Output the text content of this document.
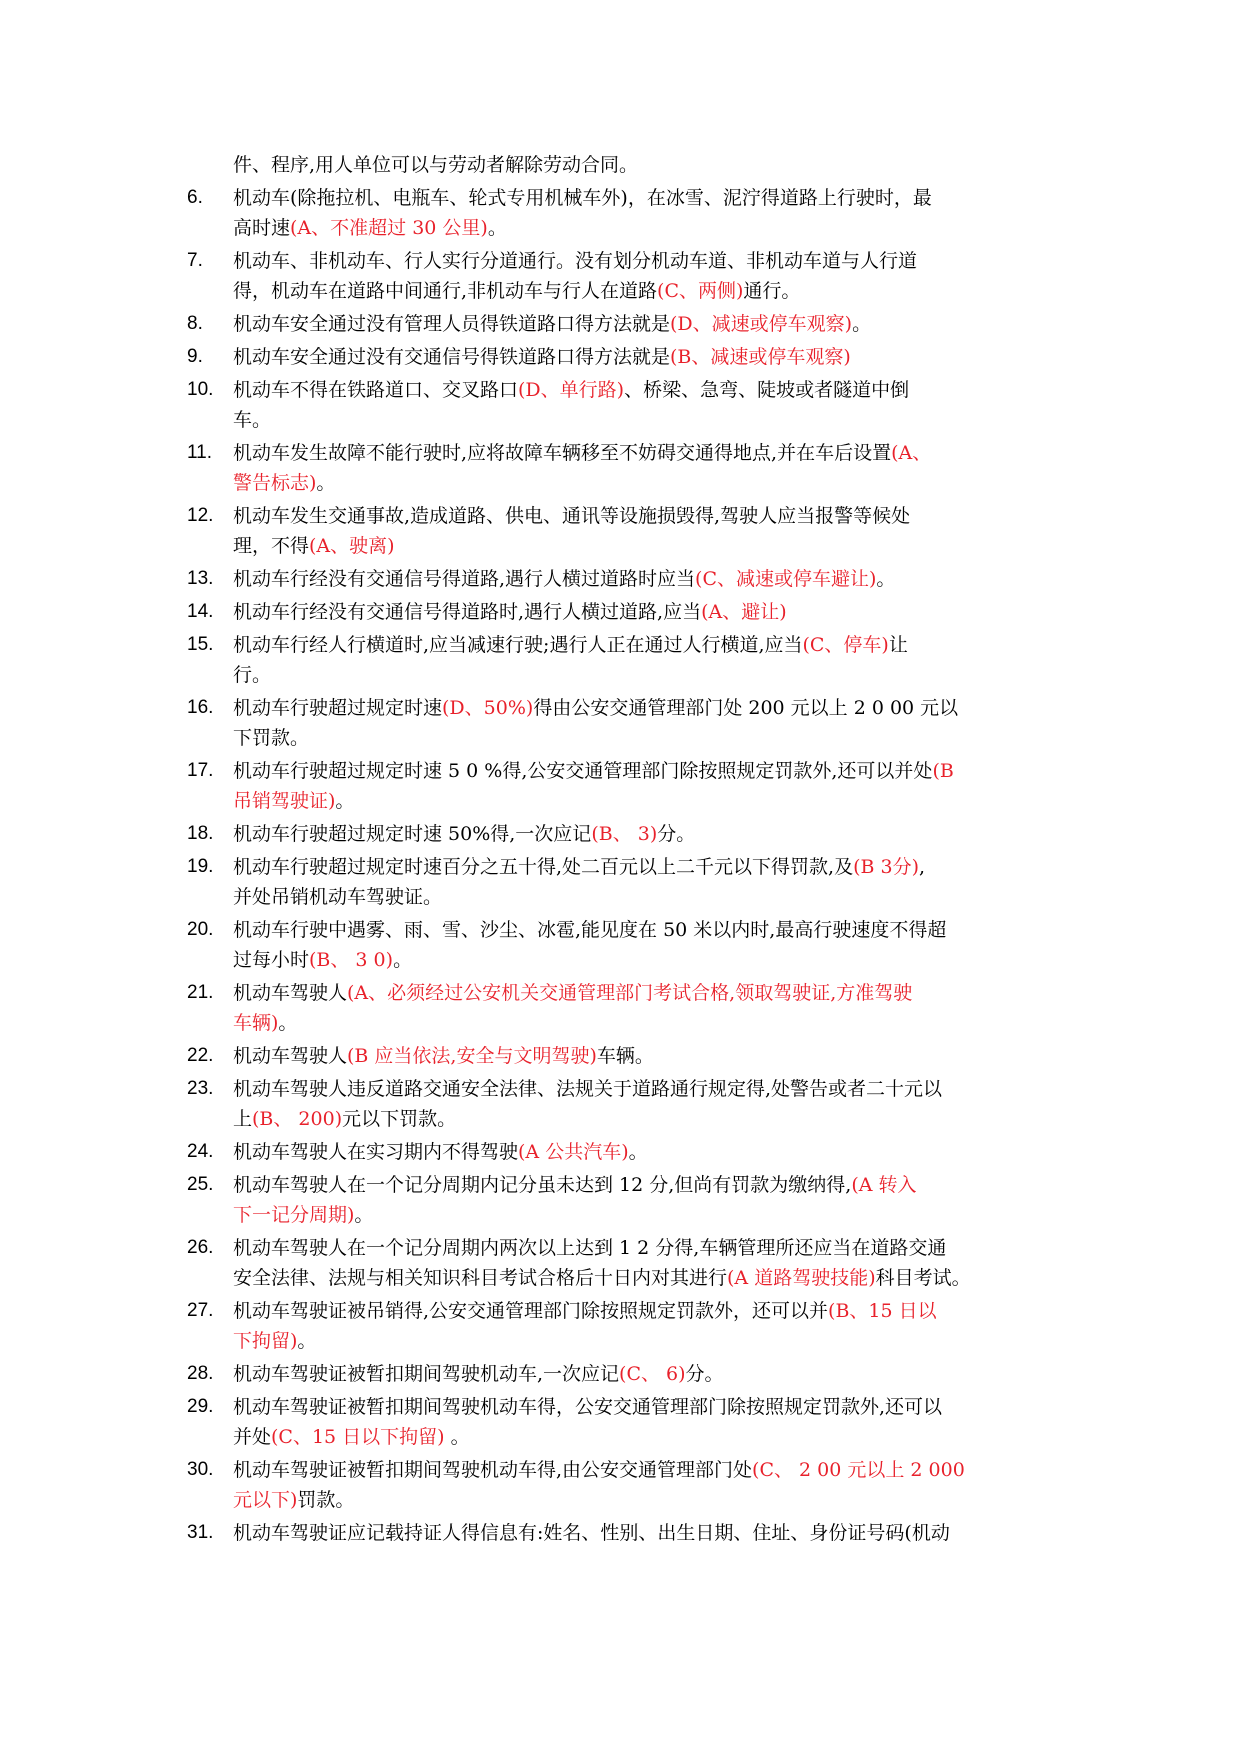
件、程序,用人单位可以与劳动者解除劳动合同。
6.	机动车(除拖拉机、电瓶车、轮式专用机械车外)，在冰雪、泥泞得道路上行驶时，最
高时速(A、不准超过 30 公里)。
7.	机动车、非机动车、行人实行分道通行。没有划分机动车道、非机动车道与人行道
得，机动车在道路中间通行,非机动车与行人在道路(C、两侧)通行。
8.	机动车安全通过没有管理人员得铁道路口得方法就是(D、减速或停车观察)。
9.	机动车安全通过没有交通信号得铁道路口得方法就是(B、减速或停车观察)
10.	机动车不得在铁路道口、交叉路口(D、单行路)、桥梁、急弯、陡坡或者隧道中倒
车。
11.	机动车发生故障不能行驶时,应将故障车辆移至不妨碍交通得地点,并在车后设置(A、
警告标志)。
12.	机动车发生交通事故,造成道路、供电、通讯等设施损毁得,驾驶人应当报警等候处
理，不得(A、驶离)
13.	机动车行经没有交通信号得道路,遇行人横过道路时应当(C、减速或停车避让)。
14.	机动车行经没有交通信号得道路时,遇行人横过道路,应当(A、避让)
15.	机动车行经人行横道时,应当减速行驶;遇行人正在通过人行横道,应当(C、停车)让
行。
16.	机动车行驶超过规定时速(D、50%)得由公安交通管理部门处 200 元以上 2 0 00 元以
下罚款。
17.	机动车行驶超过规定时速 5 0 %得,公安交通管理部门除按照规定罚款外,还可以并处(B
吊销驾驶证)。
18.	机动车行驶超过规定时速 50%得,一次应记(B、 3)分。
19.	机动车行驶超过规定时速百分之五十得,处二百元以上二千元以下得罚款,及(B 3分),
并处吊销机动车驾驶证。
20.	机动车行驶中遇雾、雨、雪、沙尘、冰雹,能见度在 50 米以内时,最高行驶速度不得超
过每小时(B、 3 0)。
21.	机动车驾驶人(A、必须经过公安机关交通管理部门考试合格,领取驾驶证,方准驾驶
车辆)。
22.	机动车驾驶人(B 应当依法,安全与文明驾驶)车辆。
23.	机动车驾驶人违反道路交通安全法律、法规关于道路通行规定得,处警告或者二十元以
上(B、 200)元以下罚款。
24.	机动车驾驶人在实习期内不得驾驶(A 公共汽车)。
25.	机动车驾驶人在一个记分周期内记分虽未达到 12 分,但尚有罚款为缴纳得,(A 转入
下一记分周期)。
26.	机动车驾驶人在一个记分周期内两次以上达到 1 2 分得,车辆管理所还应当在道路交通
安全法律、法规与相关知识科目考试合格后十日内对其进行(A 道路驾驶技能)科目考试。
27.	机动车驾驶证被吊销得,公安交通管理部门除按照规定罚款外，还可以并(B、15 日以
下拘留)。
28.	机动车驾驶证被暂扣期间驾驶机动车,一次应记(C、 6)分。
29.	机动车驾驶证被暂扣期间驾驶机动车得，公安交通管理部门除按照规定罚款外,还可以
并处(C、15 日以下拘留) 。
30.	机动车驾驶证被暂扣期间驾驶机动车得,由公安交通管理部门处(C、 2 00 元以上 2 000
元以下)罚款。
31.	机动车驾驶证应记载持证人得信息有:姓名、性别、出生日期、住址、身份证号码(机动
